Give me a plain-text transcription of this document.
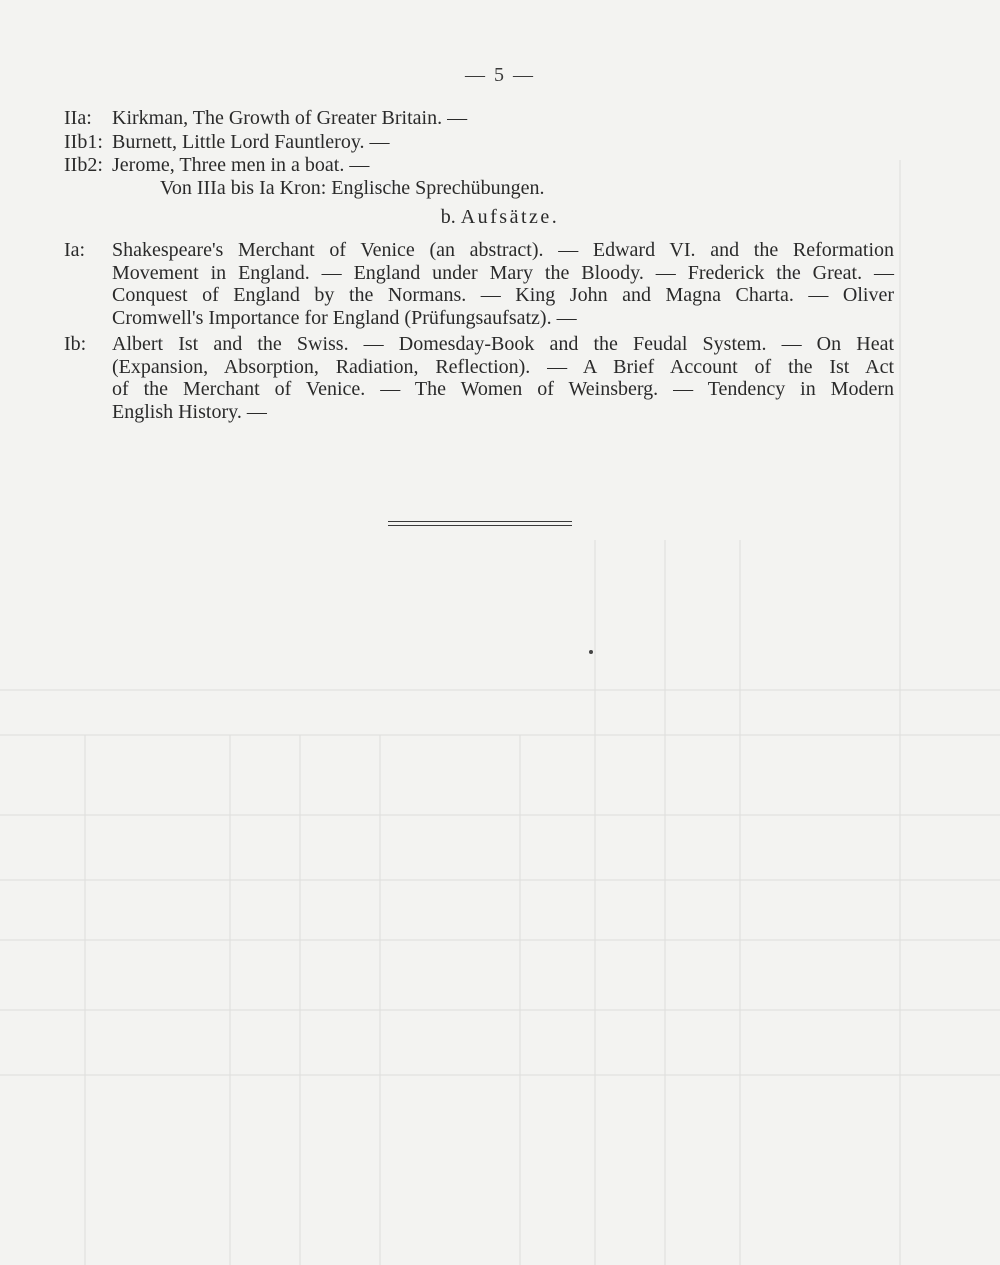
— 5 —
IIa: Kirkman, The Growth of Greater Britain. —
IIb1: Burnett, Little Lord Fauntleroy. —
IIb2: Jerome, Three men in a boat. —
Von IIIa bis Ia Kron: Englische Sprechübungen.
b. Aufsätze.
Ia: Shakespeare's Merchant of Venice (an abstract). — Edward VI. and the Reformation
Movement in England. — England under Mary the Bloody. — Frederick the Great. —
Conquest of England by the Normans. — King John and Magna Charta. — Oliver
Cromwell's Importance for England (Prüfungsaufsatz). —
Ib: Albert Ist and the Swiss. — Domesday-Book and the Feudal System. — On Heat
(Expansion, Absorption, Radiation, Reflection). — A Brief Account of the Ist Act
of the Merchant of Venice. — The Women of Weinsberg. — Tendency in Modern
English History. —
